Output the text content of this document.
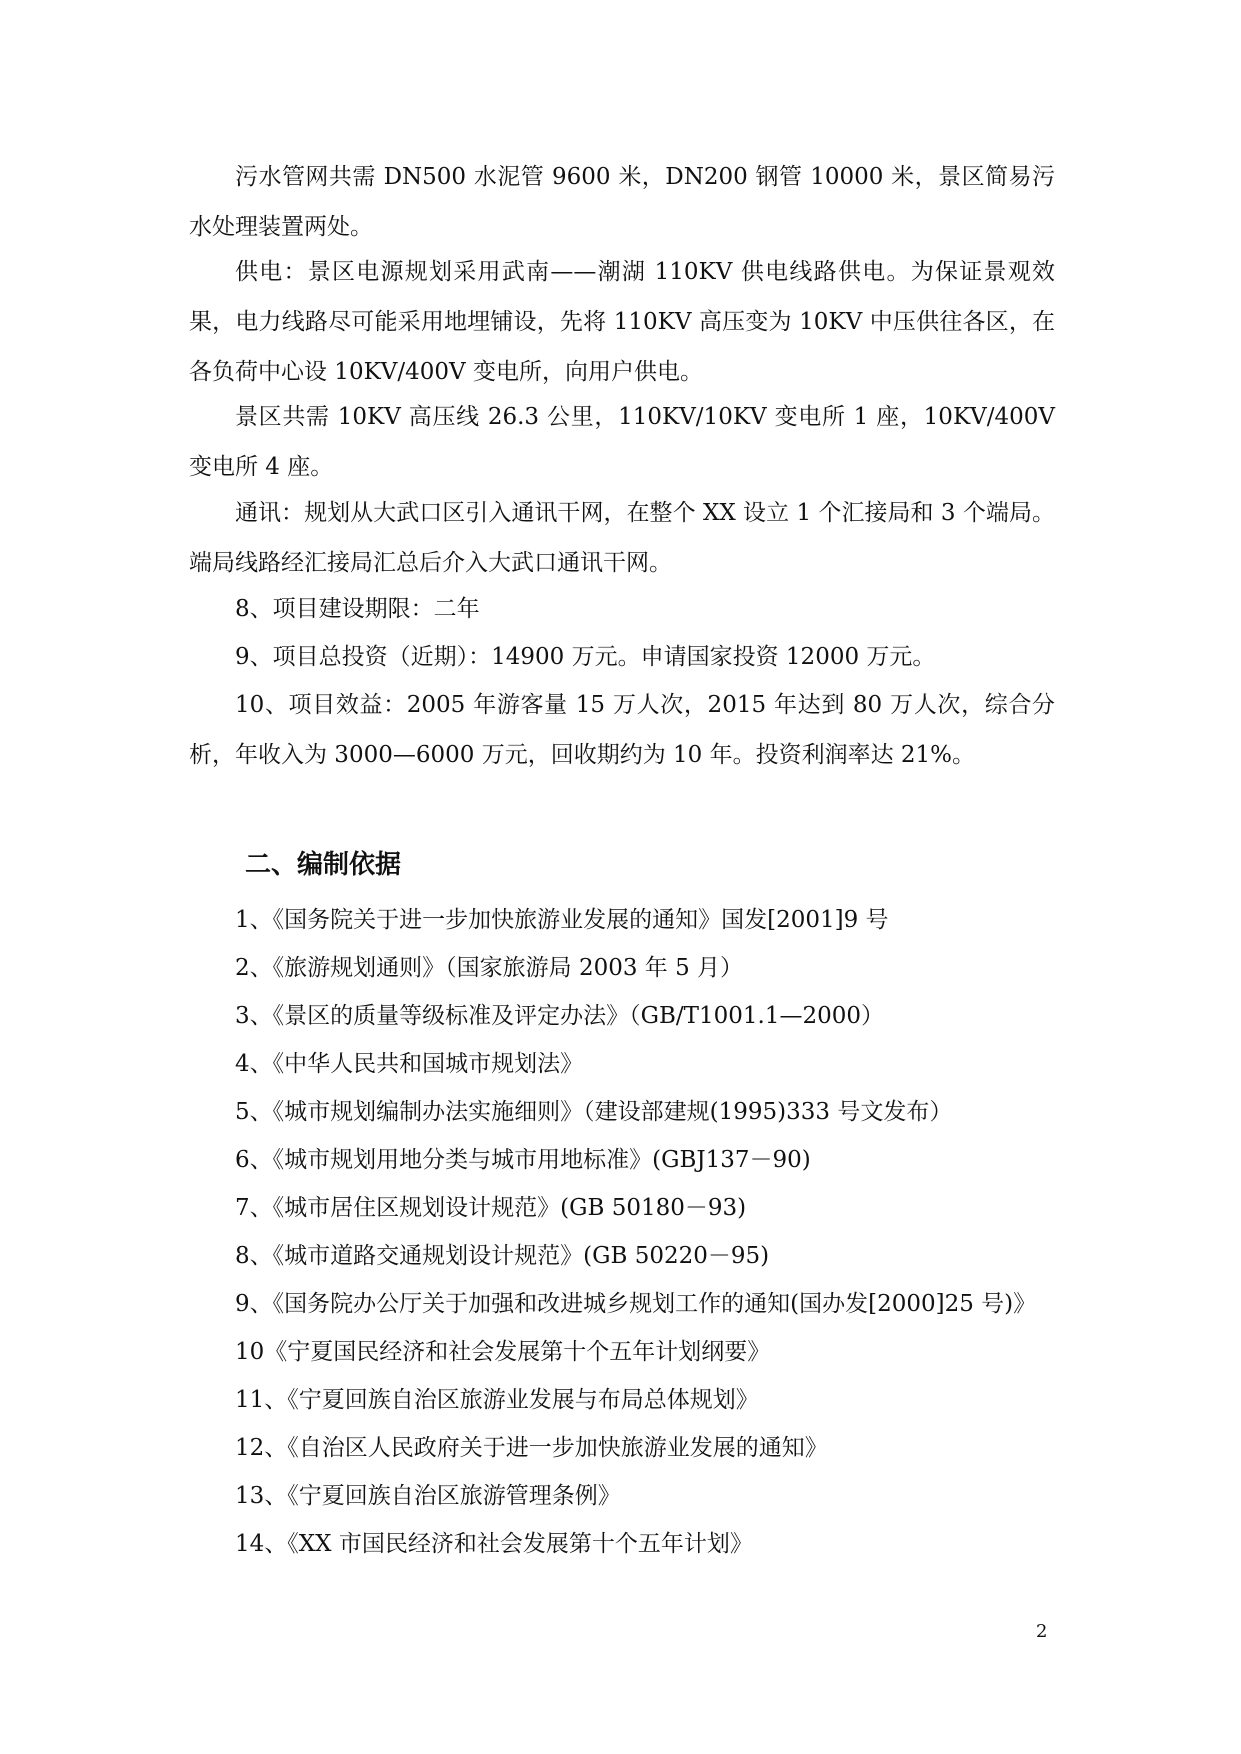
污水管网共需 DN500 水泥管 9600 米，DN200 钢管 10000 米，景区简易污水处理装置两处。

供电：景区电源规划采用武南——潮湖 110KV 供电线路供电。为保证景观效果，电力线路尽可能采用地埋铺设，先将 110KV 高压变为 10KV 中压供往各区，在各负荷中心设 10KV/400V 变电所，向用户供电。

景区共需 10KV 高压线 26.3 公里，110KV/10KV 变电所 1 座，10KV/400V 变电所 4 座。

通讯：规划从大武口区引入通讯干网，在整个 XX 设立 1 个汇接局和 3 个端局。端局线路经汇接局汇总后介入大武口通讯干网。

8、项目建设期限：二年

9、项目总投资（近期）：14900 万元。申请国家投资 12000 万元。

10、项目效益：2005 年游客量 15 万人次，2015 年达到 80 万人次，综合分析，年收入为 3000—6000 万元，回收期约为 10 年。投资利润率达 21%。

二、编制依据

1、《国务院关于进一步加快旅游业发展的通知》国发[2001]9 号

2、《旅游规划通则》（国家旅游局 2003 年 5 月）

3、《景区的质量等级标准及评定办法》（GB/T1001.1—2000）

4、《中华人民共和国城市规划法》

5、《城市规划编制办法实施细则》（建设部建规(1995)333 号文发布）

6、《城市规划用地分类与城市用地标准》(GBJ137－90)

7、《城市居住区规划设计规范》(GB 50180－93)

8、《城市道路交通规划设计规范》(GB 50220－95)

9、《国务院办公厅关于加强和改进城乡规划工作的通知(国办发[2000]25 号)》

10《宁夏国民经济和社会发展第十个五年计划纲要》

11、《宁夏回族自治区旅游业发展与布局总体规划》

12、《自治区人民政府关于进一步加快旅游业发展的通知》

13、《宁夏回族自治区旅游管理条例》

14、《XX 市国民经济和社会发展第十个五年计划》

2
